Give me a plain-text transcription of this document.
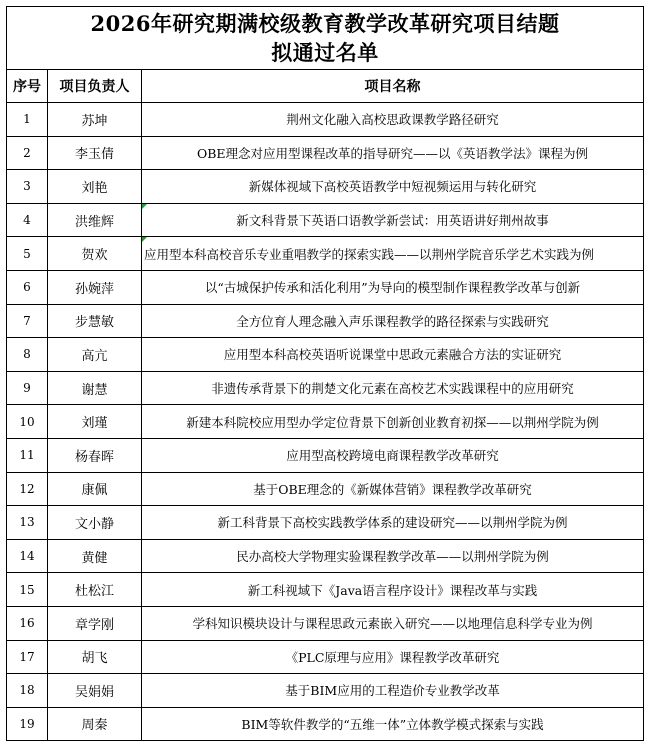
2026年研究期满校级教育教学改革研究项目结题
拟通过名单		

序号	项目负责人	项目名称
1	苏坤	荆州文化融入高校思政课教学路径研究
2	李玉倩	OBE理念对应用型课程改革的指导研究——以《英语教学法》课程为例
3	刘艳	新媒体视域下高校英语教学中短视频运用与转化研究
4	洪维辉	新文科背景下英语口语教学新尝试：用英语讲好荆州故事
5	贺欢	应用型本科高校音乐专业重唱教学的探索实践——以荆州学院音乐学艺术实践为例
6	孙婉萍	以“古城保护传承和活化利用”为导向的模型制作课程教学改革与创新
7	步慧敏	全方位育人理念融入声乐课程教学的路径探索与实践研究
8	高亢	应用型本科高校英语听说课堂中思政元素融合方法的实证研究
9	谢慧	非遗传承背景下的荆楚文化元素在高校艺术实践课程中的应用研究
10	刘瑾	新建本科院校应用型办学定位背景下创新创业教育初探——以荆州学院为例
11	杨春晖	应用型高校跨境电商课程教学改革研究
12	康佩	基于OBE理念的《新媒体营销》课程教学改革研究
13	文小静	新工科背景下高校实践教学体系的建设研究——以荆州学院为例
14	黄健	民办高校大学物理实验课程教学改革——以荆州学院为例
15	杜松江	新工科视域下《Java语言程序设计》课程改革与实践
16	章学刚	学科知识模块设计与课程思政元素嵌入研究——以地理信息科学专业为例
17	胡飞	《PLC原理与应用》课程教学改革研究
18	吴娟娟	基于BIM应用的工程造价专业教学改革
19	周秦	BIM等软件教学的“五维一体”立体教学模式探索与实践
